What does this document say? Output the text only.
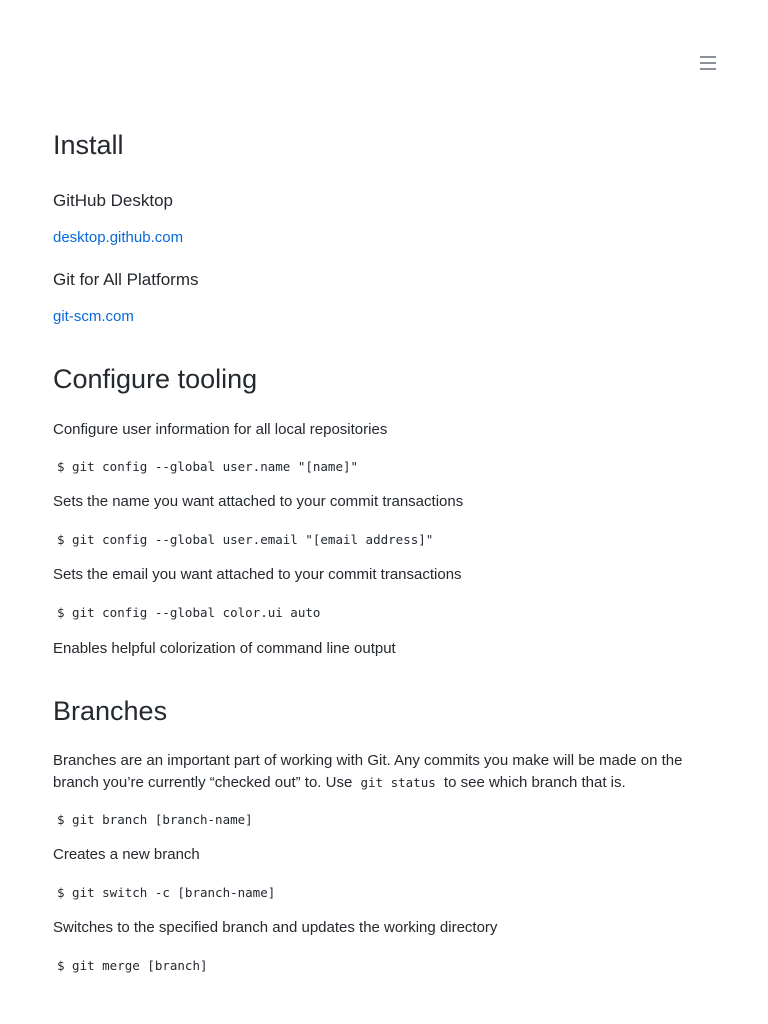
Install
GitHub Desktop
desktop.github.com
Git for All Platforms
git-scm.com
Configure tooling

Configure user information for all local repositories

$ git config --global user.name "[name]"

Sets the name you want attached to your commit transactions

$ git config --global user.email "[email address]"

Sets the email you want attached to your commit transactions

$ git config --global color.ui auto

Enables helpful colorization of command line output

Branches

Branches are an important part of working with Git. Any commits you make will be made on the branch you’re currently “checked out” to. Use git status to see which branch that is.

$ git branch [branch-name]

Creates a new branch

$ git switch -c [branch-name]

Switches to the specified branch and updates the working directory

$ git merge [branch]
